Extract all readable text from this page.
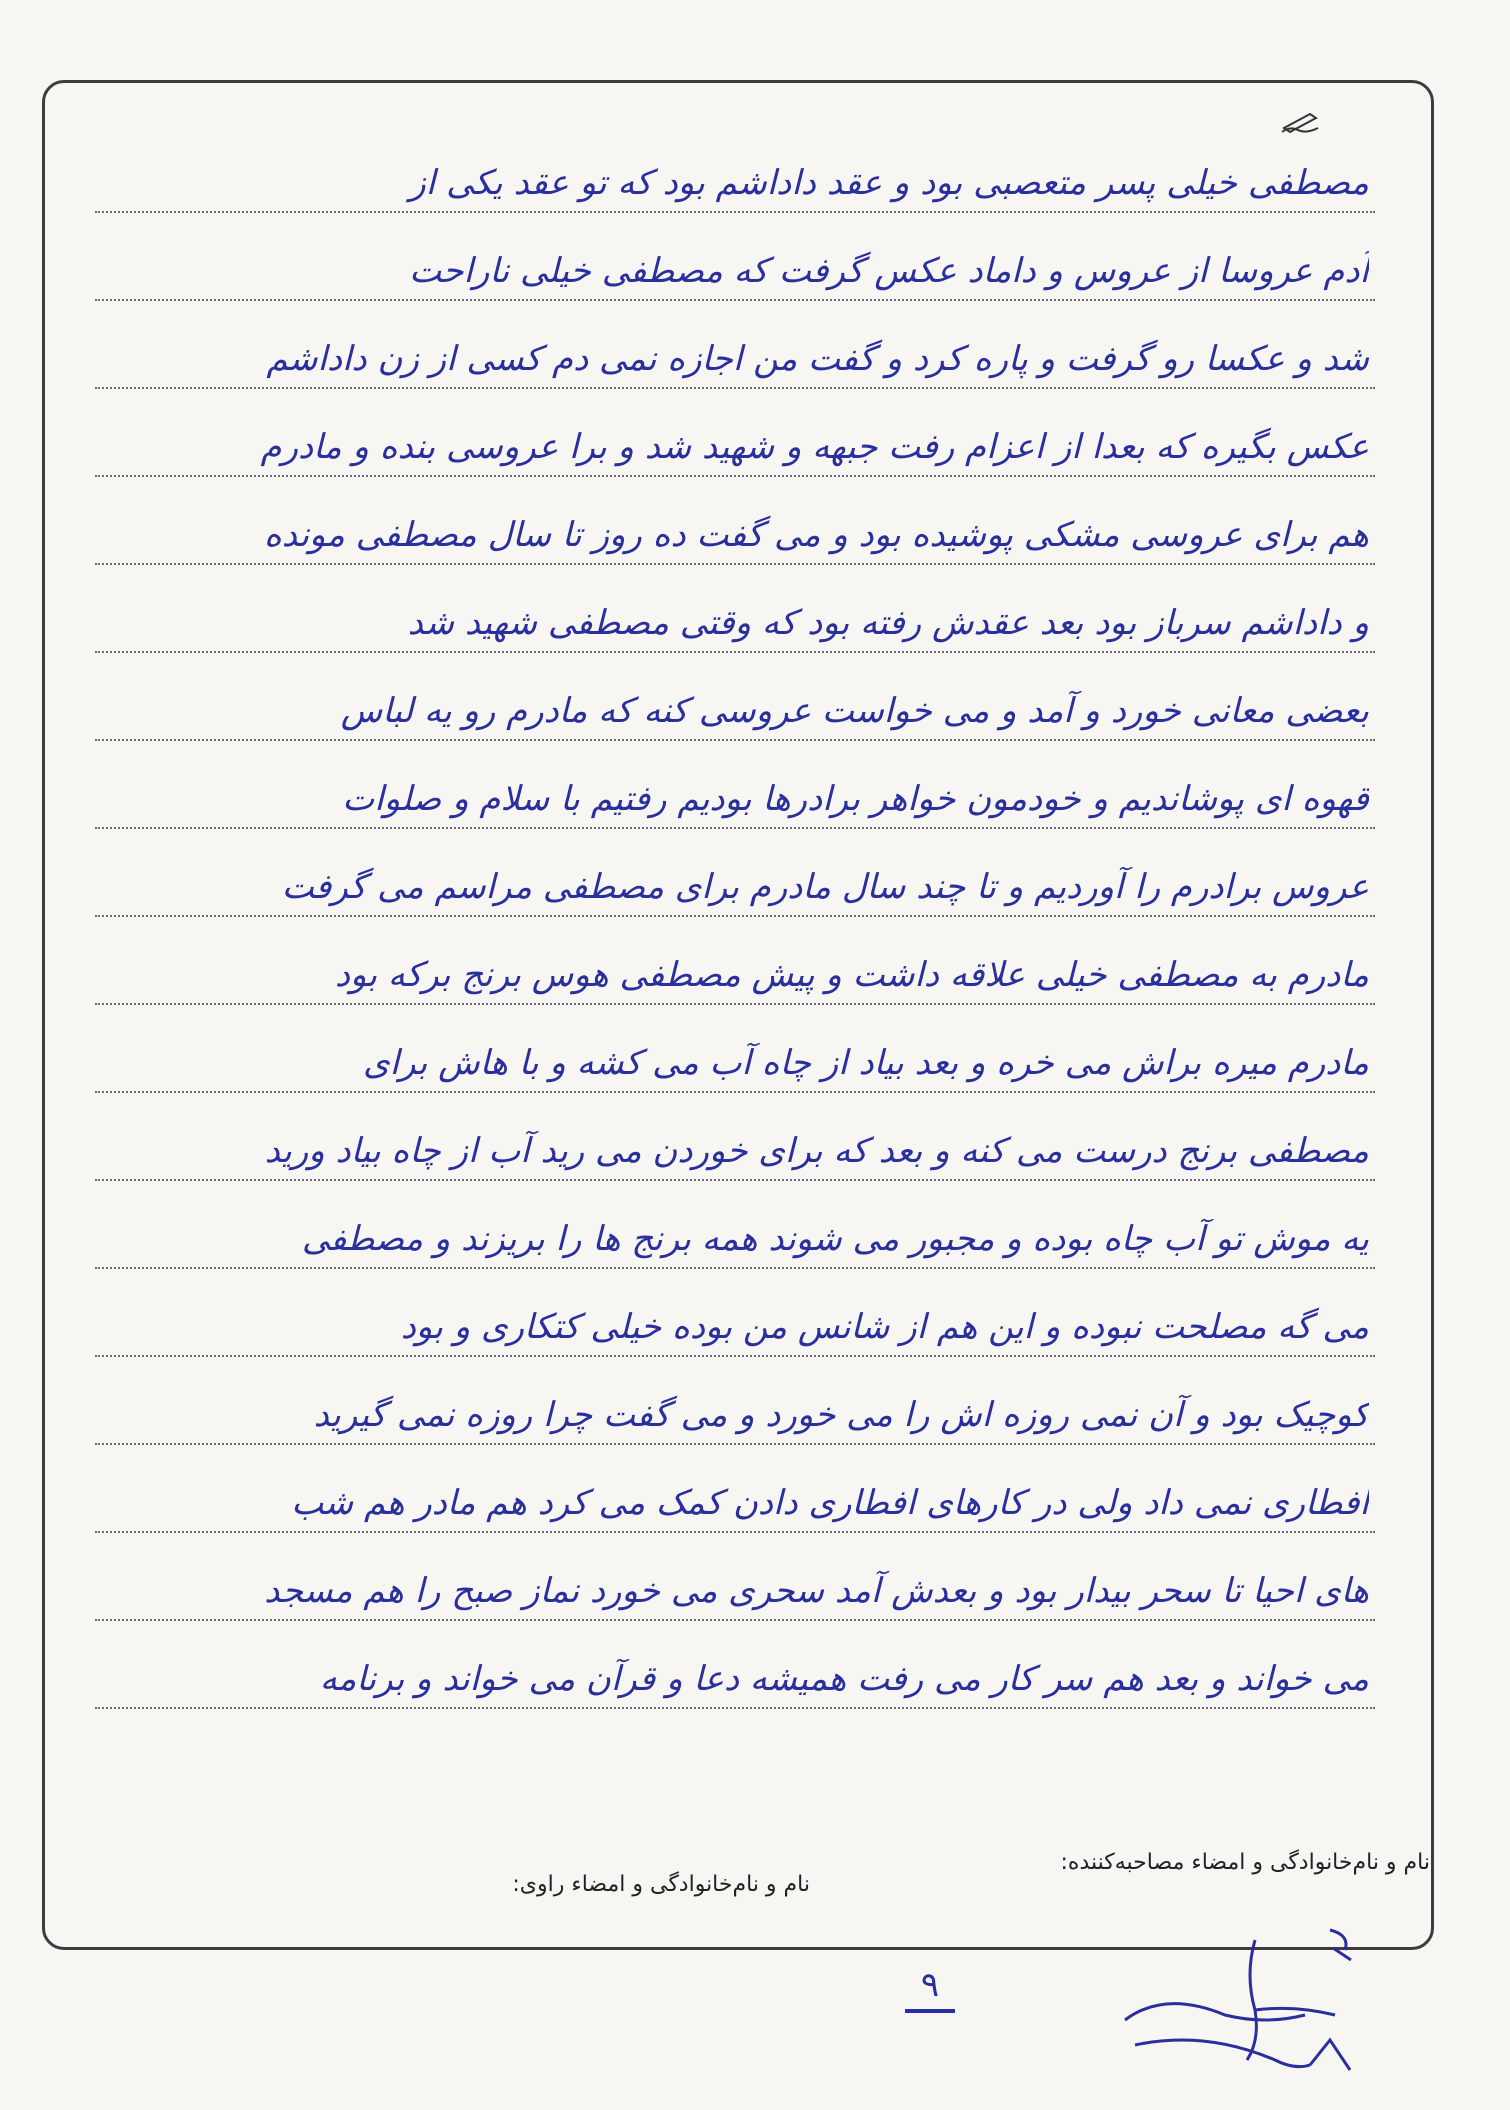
مصطفی خیلی پسر متعصبی بود و عقد داداشم بود که تو عقد یکی از
آدم عروسا از عروس و داماد عکس گرفت که مصطفی خیلی ناراحت
شد و عکسا رو گرفت و پاره کرد و گفت من اجازه نمی دم کسی از زن داداشم
عکس بگیره که بعدا از اعزام رفت جبهه و شهید شد و برا عروسی بنده و مادرم
هم برای عروسی مشکی پوشیده بود و می گفت ده روز تا سال مصطفی مونده
و داداشم سرباز بود بعد عقدش رفته بود که وقتی مصطفی شهید شد
بعضی معانی خورد و آمد و می خواست عروسی کنه که مادرم رو یه لباس
قهوه ای پوشاندیم و خودمون خواهر برادرها بودیم رفتیم با سلام و صلوات
عروس برادرم را آوردیم و تا چند سال مادرم برای مصطفی مراسم می گرفت
مادرم به مصطفی خیلی علاقه داشت و پیش مصطفی هوس برنج برکه بود
مادرم میره براش می خره و بعد بیاد از چاه آب می کشه و با هاش برای
مصطفی برنج درست می کنه و بعد که برای خوردن می رید آب از چاه بیاد ورید
یه موش تو آب چاه بوده و مجبور می شوند همه برنج ها را بریزند و مصطفی
می گه مصلحت نبوده و این هم از شانس من بوده خیلی کتکاری و بود
کوچیک بود و آن نمی روزه اش را می خورد و می گفت چرا روزه نمی گیرید
افطاری نمی داد ولی در کارهای افطاری دادن کمک می کرد هم مادر هم شب
های احیا تا سحر بیدار بود و بعدش آمد سحری می خورد نماز صبح را هم مسجد
می خواند و بعد هم سر کار می رفت همیشه دعا و قرآن می خواند و برنامه
نام و نام‌خانوادگی و امضاء مصاحبه‌کننده:
نام و نام‌خانوادگی و امضاء راوی:
۹
